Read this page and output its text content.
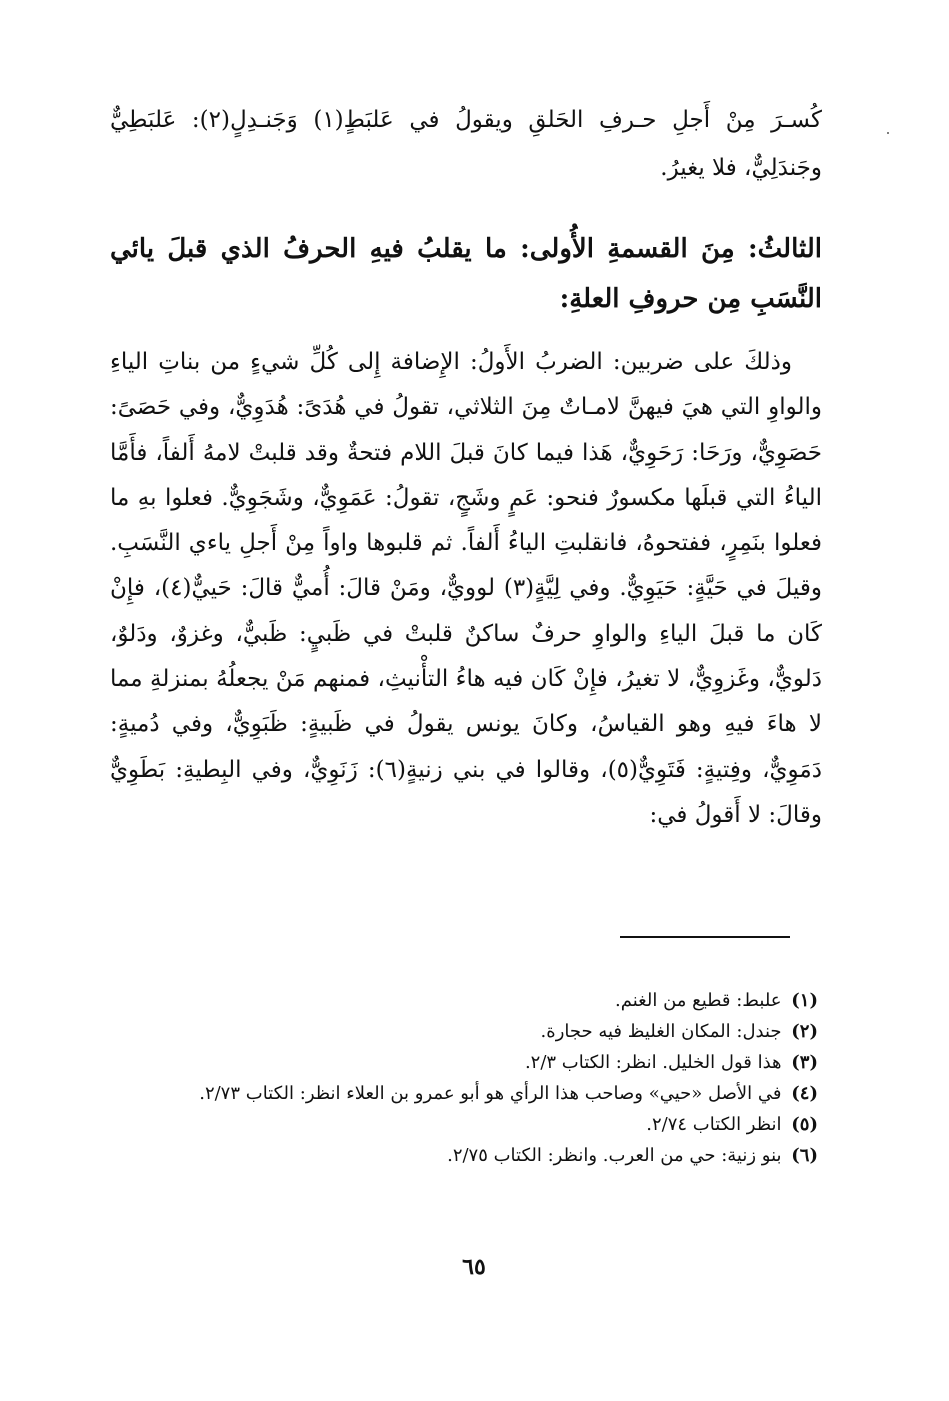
كُسـرَ مِنْ أَجلِ حـرفِ الحَلقِ ويقولُ في عَلبَطٍ(١) وَجَنـدِلٍ(٢): عَلبَطِيٌّ وجَندَلِيٌّ، فلا يغيرُ.

الثالثُ: مِنَ القسمةِ الأُولى: ما يقلبُ فيهِ الحرفُ الذي قبلَ يائي النَّسَبِ مِن حروفِ العلةِ:

وذلكَ على ضربين: الضربُ الأَولُ: الإِضافة إِلى كُلِّ شيءٍ من بناتِ الياءِ والواوِ التي هيَ فيهنَّ لامـاتٌ مِنَ الثلاثي، تقولُ في هُدَىً: هُدَوِيٌّ، وفي حَصَىً: حَصَوِيٌّ، ورَحَا: رَحَوِيٌّ، هَذا فيما كانَ قبلَ اللام فتحةٌ وقد قلبتْ لامهُ أَلفاً، فأَمَّا الياءُ التي قبلَها مكسورٌ فنحو: عَمٍ وشَجٍ، تقولُ: عَمَوِيٌّ، وشَجَوِيٌّ. فعلوا بهِ ما فعلوا بنَمِرٍ، ففتحوهُ، فانقلبتِ الياءُ أَلفاً. ثم قلبوها واواً مِنْ أَجلِ ياءي النَّسَبِ. وقيلَ في حَيَّةٍ: حَيَوِيٌّ. وفي لِيَّةٍ(٣) لوويٌّ، ومَنْ قالَ: أُميٌّ قالَ: حَييٌّ(٤)، فإِنْ كَان ما قبلَ الياءِ والواوِ حرفٌ ساكنٌ قلبتْ في ظَبيٍ: ظَبيٌّ، وغزوٌ، ودَلوٌ، دَلويٌّ، وغَزوِيٌّ، لا تغيرُ، فإِنْ كَان فيه هاءُ التأْنيثِ، فمنهم مَنْ يجعلُهُ بمنزلةِ مما لا هاءَ فيهِ وهو القياسُ، وكانَ يونس يقولُ في ظَبيةٍ: ظَبَوِيٌّ، وفي دُميةٍ: دَمَوِيٌّ، وفِتيةٍ: فَتَوِيٌّ(٥)، وقالوا في بني زنيةٍ(٦): زَنَوِيٌّ، وفي البِطيةِ: بَطَوِيٌّ وقالَ: لا أَقولُ في:

(١) علبط: قطيع من الغنم.

(٢) جندل: المكان الغليظ فيه حجارة.

(٣) هذا قول الخليل. انظر: الكتاب ٢/٣.

(٤) في الأصل «حيي» وصاحب هذا الرأي هو أبو عمرو بن العلاء انظر: الكتاب ٢/٧٣.

(٥) انظر الكتاب ٢/٧٤.

(٦) بنو زنية: حي من العرب. وانظر: الكتاب ٢/٧٥.

٦٥
